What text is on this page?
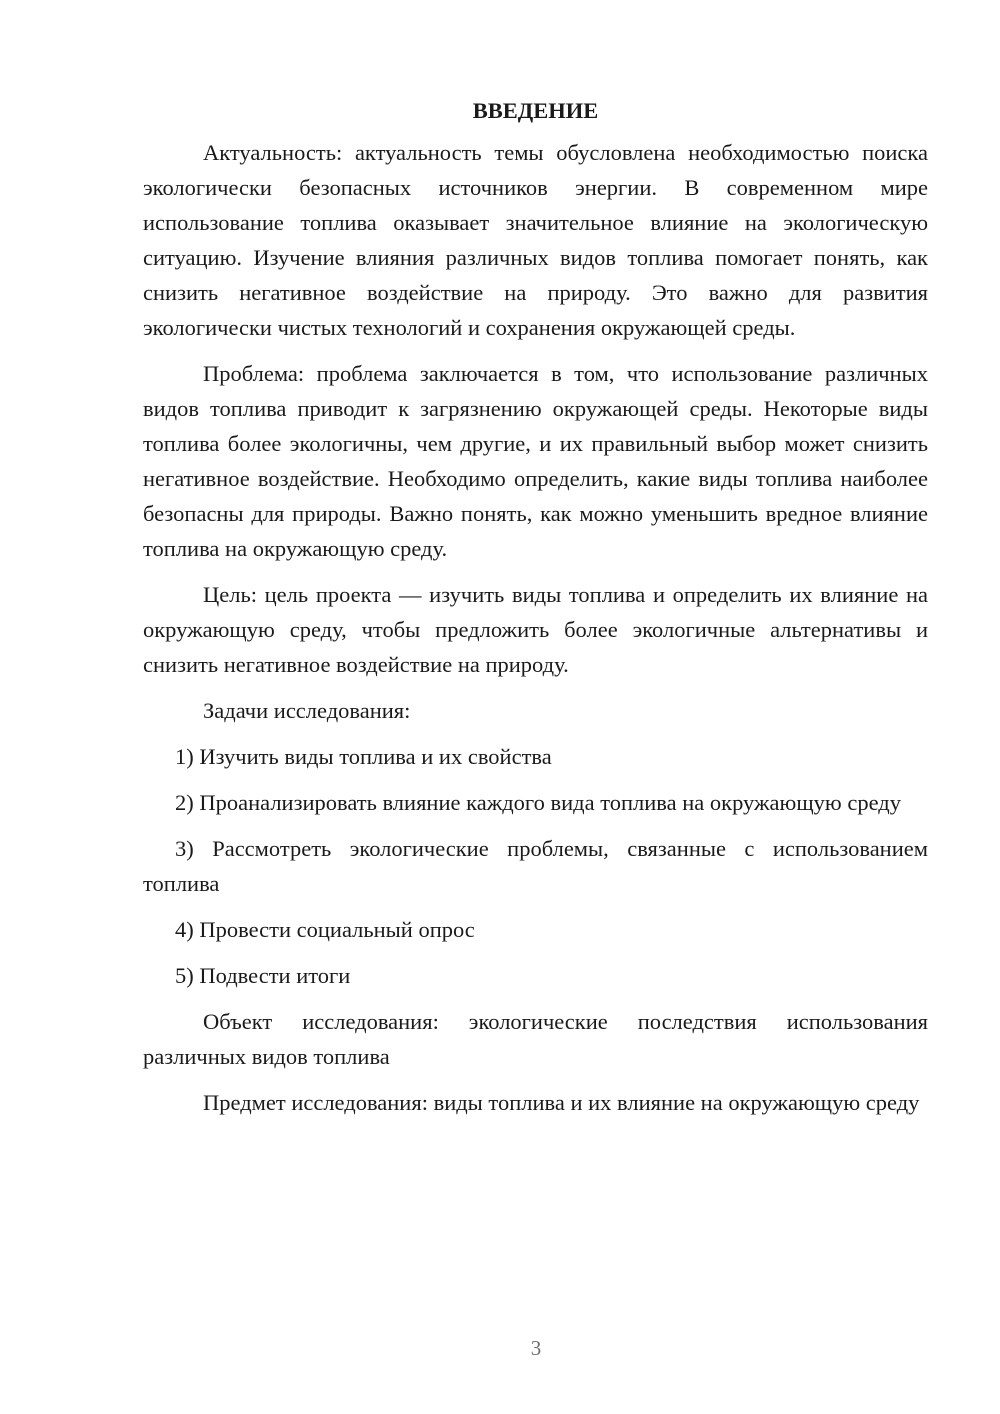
ВВЕДЕНИЕ

Актуальность: актуальность темы обусловлена необходимостью поиска экологически безопасных источников энергии. В современном мире использование топлива оказывает значительное влияние на экологическую ситуацию. Изучение влияния различных видов топлива помогает понять, как снизить негативное воздействие на природу. Это важно для развития экологически чистых технологий и сохранения окружающей среды.

Проблема: проблема заключается в том, что использование различных видов топлива приводит к загрязнению окружающей среды. Некоторые виды топлива более экологичны, чем другие, и их правильный выбор может снизить негативное воздействие. Необходимо определить, какие виды топлива наиболее безопасны для природы. Важно понять, как можно уменьшить вредное влияние топлива на окружающую среду.

Цель: цель проекта — изучить виды топлива и определить их влияние на окружающую среду, чтобы предложить более экологичные альтернативы и снизить негативное воздействие на природу.

Задачи исследования:

1) Изучить виды топлива и их свойства

2) Проанализировать влияние каждого вида топлива на окружающую среду

3) Рассмотреть экологические проблемы, связанные с использованием топлива

4) Провести социальный опрос

5) Подвести итоги

Объект исследования: экологические последствия использования различных видов топлива

Предмет исследования: виды топлива и их влияние на окружающую среду

3
